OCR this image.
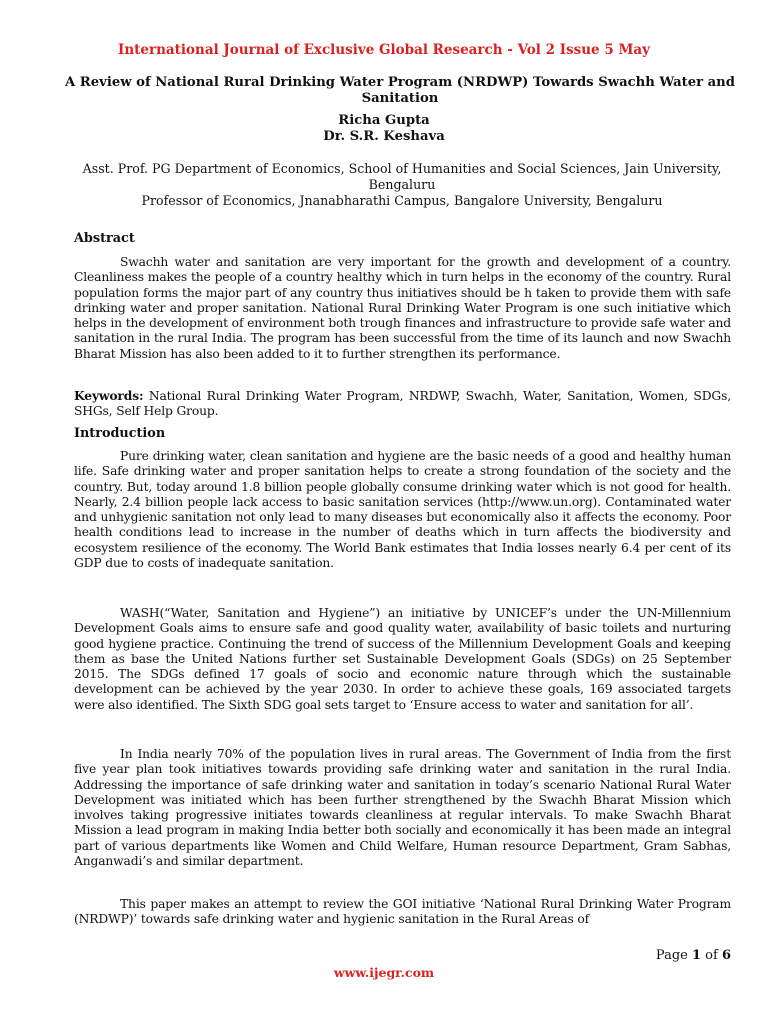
International Journal of Exclusive Global Research - Vol 2 Issue 5 May
A Review of National Rural Drinking Water Program (NRDWP) Towards Swachh Water and Sanitation
Richa Gupta
Dr. S.R. Keshava
Asst. Prof. PG Department of Economics, School of Humanities and Social Sciences, Jain University, Bengaluru
Professor of Economics, Jnanabharathi Campus, Bangalore University, Bengaluru
Abstract
Swachh water and sanitation are very important for the growth and development of a country. Cleanliness makes the people of a country healthy which in turn helps in the economy of the country. Rural population forms the major part of any country thus initiatives should be h taken to provide them with safe drinking water and proper sanitation. National Rural Drinking Water Program is one such initiative which helps in the development of environment both trough finances and infrastructure to provide safe water and sanitation in the rural India. The program has been successful from the time of its launch and now Swachh Bharat Mission has also been added to it to further strengthen its performance.
Keywords: National Rural Drinking Water Program, NRDWP, Swachh, Water, Sanitation, Women, SDGs, SHGs, Self Help Group.
Introduction
Pure drinking water, clean sanitation and hygiene are the basic needs of a good and healthy human life. Safe drinking water and proper sanitation helps to create a strong foundation of the society and the country. But, today around 1.8 billion people globally consume drinking water which is not good for health. Nearly, 2.4 billion people lack access to basic sanitation services (http://www.un.org). Contaminated water and unhygienic sanitation not only lead to many diseases but economically also it affects the economy. Poor health conditions lead to increase in the number of deaths which in turn affects the biodiversity and ecosystem resilience of the economy. The World Bank estimates that India losses nearly 6.4 per cent of its GDP due to costs of inadequate sanitation.
WASH(“Water, Sanitation and Hygiene”) an initiative by UNICEF’s under the UN-Millennium Development Goals aims to ensure safe and good quality water, availability of basic toilets and nurturing good hygiene practice. Continuing the trend of success of the Millennium Development Goals and keeping them as base the United Nations further set Sustainable Development Goals (SDGs) on 25 September 2015. The SDGs defined 17 goals of socio and economic nature through which the sustainable development can be achieved by the year 2030. In order to achieve these goals, 169 associated targets were also identified. The Sixth SDG goal sets target to ‘Ensure access to water and sanitation for all’.
In India nearly 70% of the population lives in rural areas. The Government of India from the first five year plan took initiatives towards providing safe drinking water and sanitation in the rural India. Addressing the importance of safe drinking water and sanitation in today’s scenario National Rural Water Development was initiated which has been further strengthened by the Swachh Bharat Mission which involves taking progressive initiates towards cleanliness at regular intervals. To make Swachh Bharat Mission a lead program in making India better both socially and economically it has been made an integral part of various departments like Women and Child Welfare, Human resource Department, Gram Sabhas, Anganwadi’s and similar department.
This paper makes an attempt to review the GOI initiative ‘National Rural Drinking Water Program (NRDWP)’ towards safe drinking water and hygienic sanitation in the Rural Areas of
Page 1 of 6
www.ijegr.com
